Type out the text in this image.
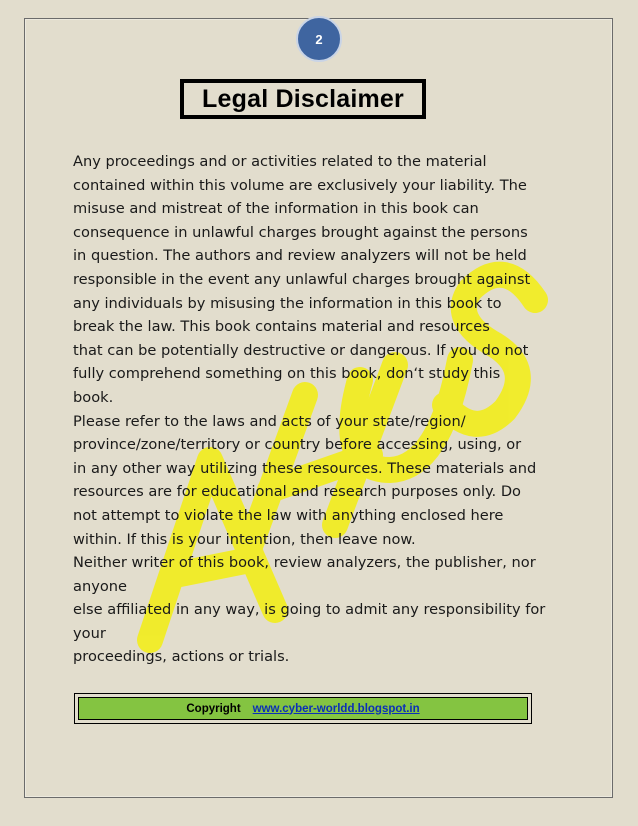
2
Legal Disclaimer
Any proceedings and or activities related to the material
contained within this volume are exclusively your liability. The
misuse and mistreat of the information in this book can
consequence in unlawful charges brought against the persons
in question. The authors and review analyzers will not be held
responsible in the event any unlawful charges brought against
any individuals by misusing the information in this book to
break the law. This book contains material and resources
that can be potentially destructive or dangerous. If you do not
fully comprehend something on this book, don‘t study this
book.
Please refer to the laws and acts of your state/region/
province/zone/territory or country before accessing, using, or
in any other way utilizing these resources. These materials and
resources are for educational and research purposes only. Do
not attempt to violate the law with anything enclosed here
within. If this is your intention, then leave now.
Neither writer of this book, review analyzers, the publisher, nor
anyone
else affiliated in any way, is going to admit any responsibility for
your
proceedings, actions or trials.
Copyright www.cyber-worldd.blogspot.in
